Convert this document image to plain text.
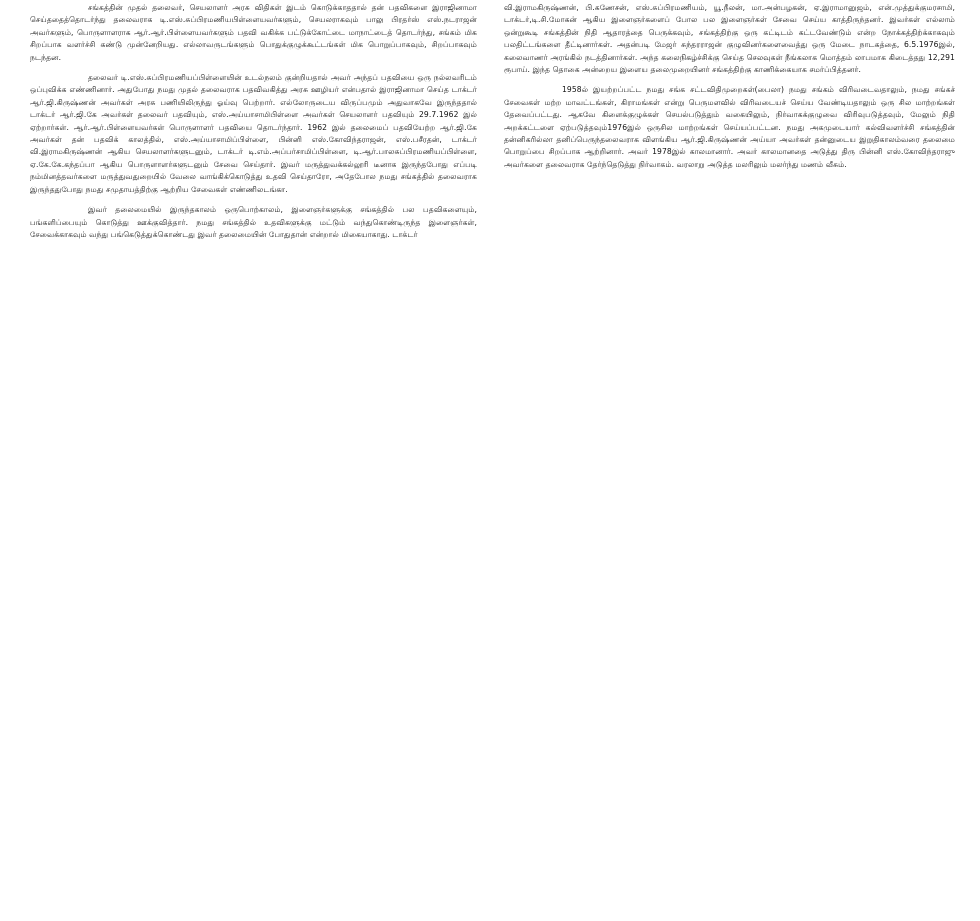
சங்கத்தின் முதல் தலைவர், செயலாளர் அரசு விதிகள் இடம் கொடுக்காததால் தன் பதவிகளை இராஜினாமா செய்ததைத்தொடர்ந்து தலைவராக டி.எஸ்.சுப்பிரமணியபிள்ளையவர்களும், செயலராகவும் பாலு பிரதர்ஸ் எஸ்.நடராஜன் அவர்களும், பொருளாளராக ஆர்.ஆர்.பிள்ளையவர்களும் பதவி வகிக்க பட்டுக்கோட்டை மாநாட்டைத் தொடர்ந்து, சங்கம் மிக சிறப்பாக வளர்ச்சி கண்டு முன்னேறியது. எல்லாவருடங்களும் பொதுக்குழுக்கூட்டங்கள் மிக பொறுப்பாகவும், சிறப்பாகவும் நடந்தன.

தலைவர் டி.எஸ்.சுப்பிரமணியப்பிள்ளையின் உடல்நலம் குன்றியதால் அவர் அந்தப் பதவியை ஒரு நல்லவரிடம் ஒப்புவிக்க எண்ணினார். அதுபோது நமது முதல் தலைவராக பதவிவகித்து அரசு ஊழியர் என்பதால் இராஜினாமா செய்த டாக்டர் ஆர்.ஜி.கிருஷ்ணன் அவர்கள் அரசு பணியிலிருந்து ஓய்வு பெற்றார். எல்லோருடைய விருப்பமும் அதுவாகவே இருந்ததால் டாக்டர் ஆர்.ஜி.கே அவர்கள் தலைவர் பதவியும், எஸ்.அய்யாசாமிபிள்ளை அவர்கள் செயலாளர் பதவியும் 29.7.1962 இல் ஏற்றார்கள். ஆர்.ஆர்.பிள்ளையவர்கள் பொருளாளர் பதவியை தொடர்ந்தார். 1962 இல் தலைமைப் பதவியேற்ற ஆர்.ஜி.கே அவர்கள் தன் பதவிக் காலத்தில், எஸ்.அய்யாசாமிப்பிள்ளை, பின்னி எஸ்.கோவிந்தராஜன், எஸ்.பசீரதன், டாக்டர் வி.இராமகிருஷ்ணன் ஆகிய செயலாளர்களுடனும், டாக்டர் டி.எம்.அப்பர்சாமிப்பிள்ளை, டி.ஆர்.பாலசுப்பிரமணியப்பிள்ளை, ஏ.கே.கே.கந்தப்பா ஆகிய பொருளாளர்களுடனும் சேவை செய்தார். இவர் மருத்துவக்கல்லூரி டீனாக இருந்தபோது எப்படி நம்மினத்தவர்களை மருத்துவதுறையில் வேலை வாங்கிக்கொடுத்து உதவி செய்தாரோ, அதேபோல நமது சங்கத்தில் தலைவராக இருந்ததுபோது நமது சமுதாயத்திற்கு ஆற்றிய சேவைகள் எண்ணிலடங்கா.

இவர் தலைமையில் இருந்தகாலம் ஒருபொற்காலம், இளைஞர்களுக்கு சங்கத்தில் பல பதவிகளையும், பங்களிப்பையும் கொடுத்து ஊக்குவித்தார். நமது சங்கத்தில் உதவிகளுக்கு மட்டும் வந்துகொண்டிருந்த இளைஞர்கள், சேவைக்காகவும் வந்து பங்கெடுத்துக்கொண்டது இவர் தலைமையின் போதுதான் என்றால் மிகையாகாது. டாக்டர்

வி.இராமகிருஷ்ணன், பி.கணேசன், எஸ்.சுப்பிரமணியம், யூ.நீலன், மா.அன்பழகன், ஏ.இராமானுஜம், என்.முத்துக்குமரசாமி, டாக்டர்,டி.சி.மோகன் ஆகிய இளைஞர்களைப் போல பல இளைஞர்கள் சேவை செய்ய காத்திருந்தனர். இவர்கள் எல்லாம் ஒன்றுகூடி சங்கத்தின் நிதி ஆதாரத்தை பெருக்கவும், சங்கத்திற்கு ஒரு கட்டிடம் கட்டவேண்டும் என்ற நோக்கத்திற்க்காகவும் பலதிட்டங்களை தீட்டினார்கள். அதன்படி மேஜர் சுந்தரராஜன் குழுவினர்களைவைத்து ஒரு மேடை நாடகத்தை, 6.5.1976இல், கலைவாணர் அரங்கில் நடத்தினார்கள். அந்த கலைநிகழ்ச்சிக்கு செய்த செலவுகள் நீங்கலாக மொத்தம் லாபமாக கிடைத்தது 12,291 ரூபாய். இந்த தொகை அன்றைய இளைய தலைமுறையினர் சங்கத்திற்கு காணிக்கையாக சமர்ப்பித்தனர்.

1958ல் இயற்றப்பட்ட நமது சங்க சட்டவிதிமுறைகள்(பைலா) நமது சங்கம் விரிவடைவதாலும், நமது சங்கச் சேவைகள் மற்ற மாவட்டங்கள், கிராமங்கள் என்று பெருமளவில் விரிவடையச் செய்ய வேண்டியதாலும் ஒரு சில மாற்றங்கள் தேவைப்பட்டது. ஆகவே கிளைக்குழுக்கள் செயல்படுத்தும் வகையிலும், நிர்வாகக்குழுவை விரிவுபடுத்தவும், மேலும் நிதி அறக்கட்டளை ஏற்படுத்தவும்1976இல் ஒருசில மாற்றங்கள் செய்யப்பட்டன. நமது அகமுடையார் கல்விவளர்ச்சி சங்கத்தின் தன்னிகரில்லா தனிப்பெருந்தலைவராக விளங்கிய ஆர்.ஜி.கிருஷ்ணன் அய்யா அவர்கள் தன்னுடைய இறுதிகாலம்வரை தலைமை பொறுப்பை சிறப்பாக ஆற்றினார். அவர் 1978இல் காலமானார். அவர் காலமானதை அடுத்து திரு பின்னி எஸ்.கோவிந்தராஜு அவர்களை தலைவராக தேர்ந்தெடுத்து நிர்வாகம். வரலாறு அடுத்த மலரிலும் மலர்ந்து மணம் வீசும்.
